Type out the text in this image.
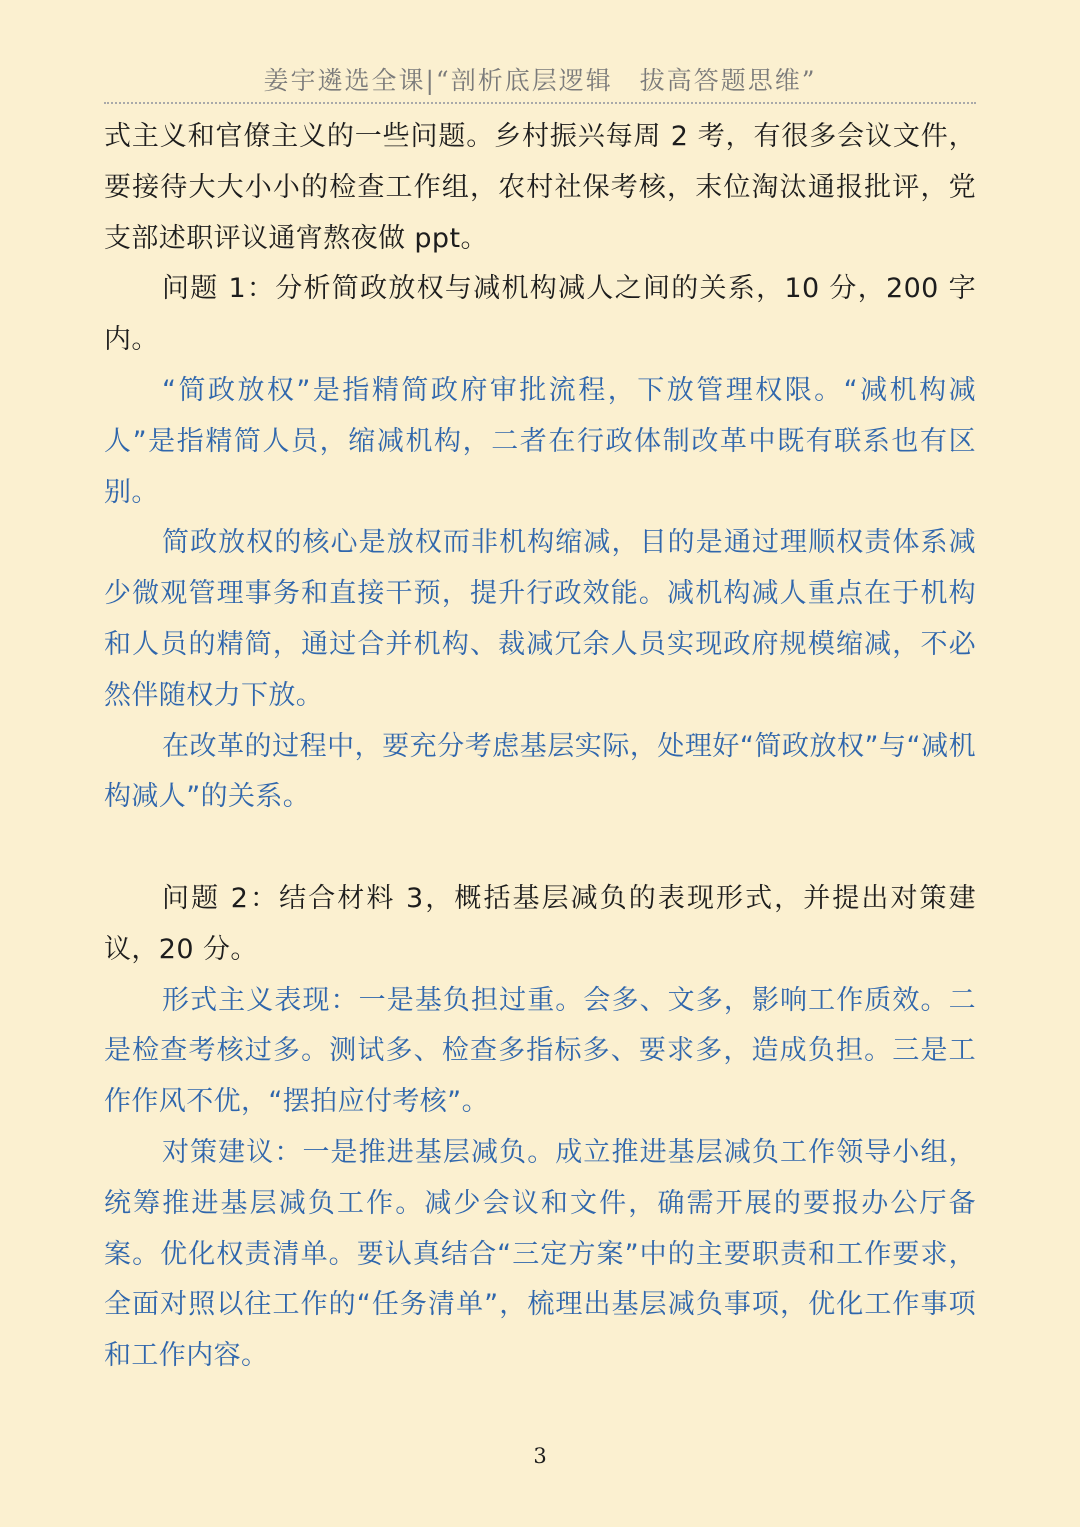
姜宇遴选全课|“剖析底层逻辑　拔高答题思维”

式主义和官僚主义的一些问题。乡村振兴每周 2 考，有很多会议文件，要接待大大小小的检查工作组，农村社保考核，末位淘汰通报批评，党支部述职评议通宵熬夜做 ppt。

问题 1：分析简政放权与减机构减人之间的关系，10 分，200 字内。

“简政放权”是指精简政府审批流程，下放管理权限。“减机构减人”是指精简人员，缩减机构，二者在行政体制改革中既有联系也有区别。

简政放权的核心是放权而非机构缩减，目的是通过理顺权责体系减少微观管理事务和直接干预，提升行政效能。减机构减人重点在于机构和人员的精简，通过合并机构、裁减冗余人员实现政府规模缩减，不必然伴随权力下放。

在改革的过程中，要充分考虑基层实际，处理好“简政放权”与“减机构减人”的关系。

问题 2：结合材料 3，概括基层减负的表现形式，并提出对策建议，20 分。

形式主义表现：一是基负担过重。会多、文多，影响工作质效。二是检查考核过多。测试多、检查多指标多、要求多，造成负担。三是工作作风不优，“摆拍应付考核”。

对策建议：一是推进基层减负。成立推进基层减负工作领导小组，统筹推进基层减负工作。减少会议和文件，确需开展的要报办公厅备案。优化权责清单。要认真结合“三定方案”中的主要职责和工作要求，全面对照以往工作的“任务清单”，梳理出基层减负事项，优化工作事项和工作内容。

3
